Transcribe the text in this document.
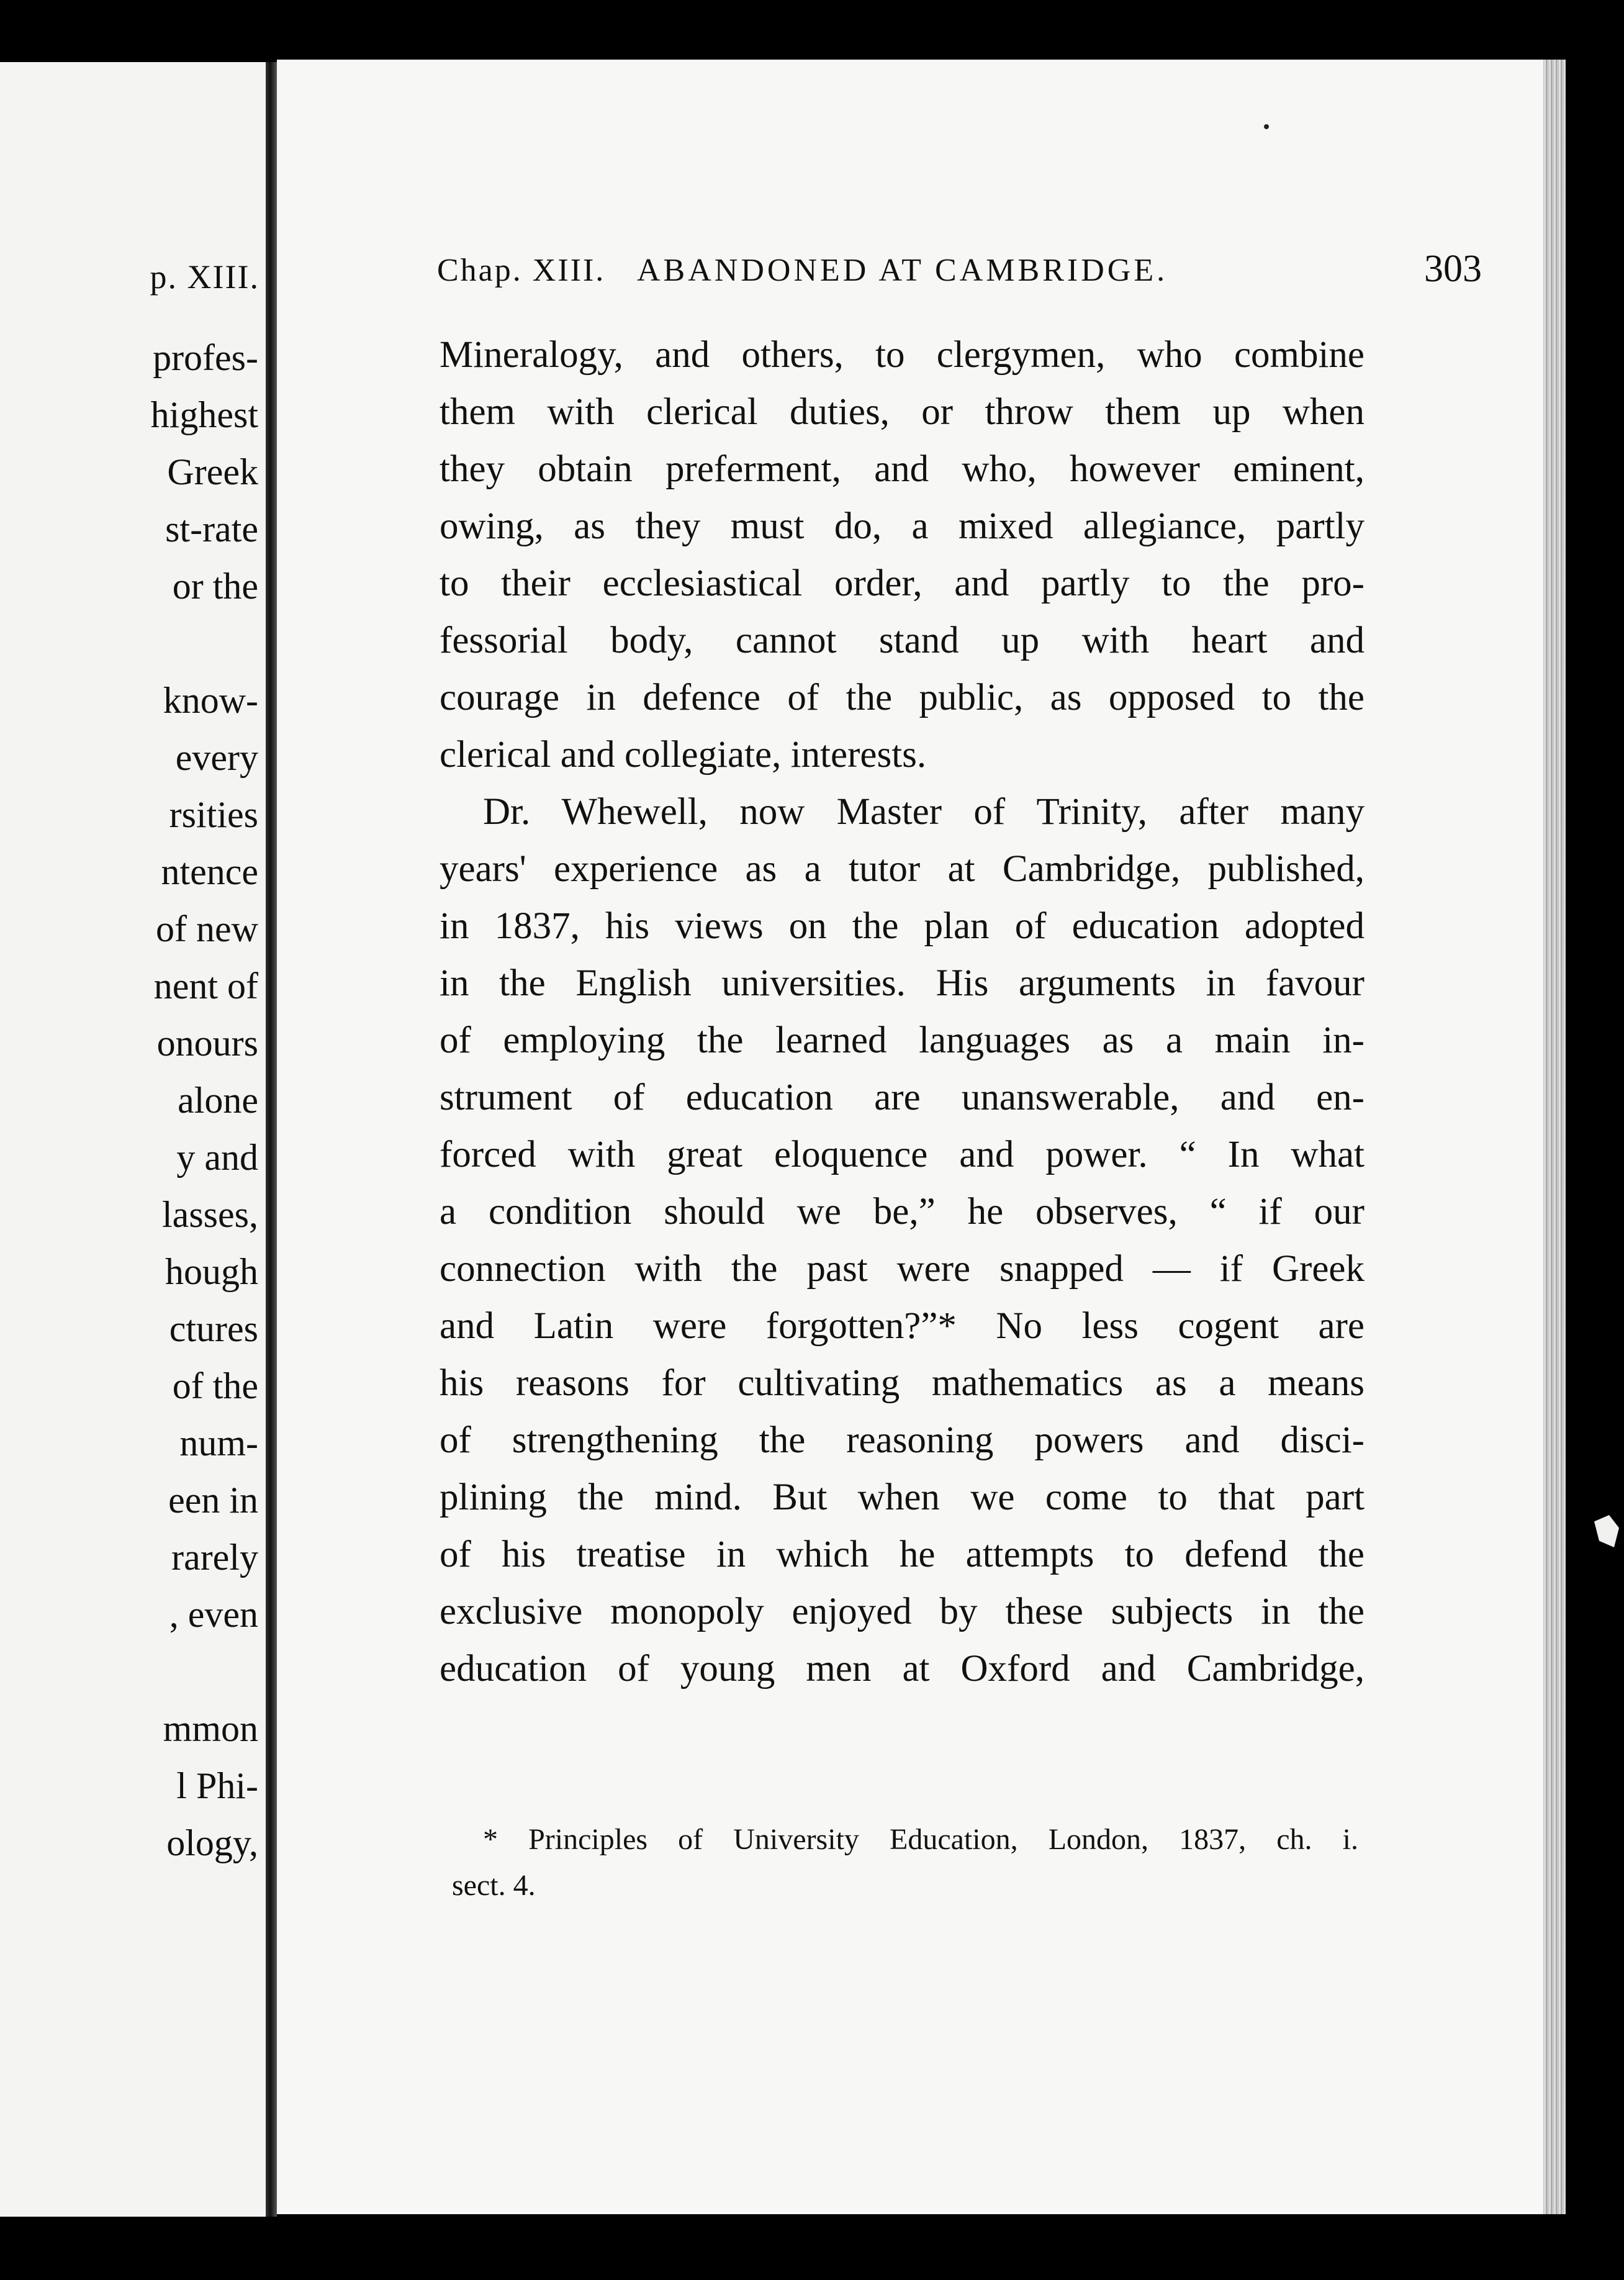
p. XIII.
profes-
highest
Greek
st-rate
or the
know-
every
rsities
ntence
of new
nent of
onours
alone
y and
lasses,
hough
ctures
of the
num-
een in
rarely
, even
mmon
l Phi-
ology,
Chap. XIII. ABANDONED AT CAMBRIDGE.	303
Mineralogy, and others, to clergymen, who combine
them with clerical duties, or throw them up when
they obtain preferment, and who, however eminent,
owing, as they must do, a mixed allegiance, partly
to their ecclesiastical order, and partly to the pro-
fessorial body, cannot stand up with heart and
courage in defence of the public, as opposed to the
clerical and collegiate, interests.
Dr. Whewell, now Master of Trinity, after many
years' experience as a tutor at Cambridge, published,
in 1837, his views on the plan of education adopted
in the English universities. His arguments in favour
of employing the learned languages as a main in-
strument of education are unanswerable, and en-
forced with great eloquence and power. “ In what
a condition should we be,” he observes, “ if our
connection with the past were snapped — if Greek
and Latin were forgotten?”* No less cogent are
his reasons for cultivating mathematics as a means
of strengthening the reasoning powers and disci-
plining the mind. But when we come to that part
of his treatise in which he attempts to defend the
exclusive monopoly enjoyed by these subjects in the
education of young men at Oxford and Cambridge,
* Principles of University Education, London, 1837, ch. i.
sect. 4.
